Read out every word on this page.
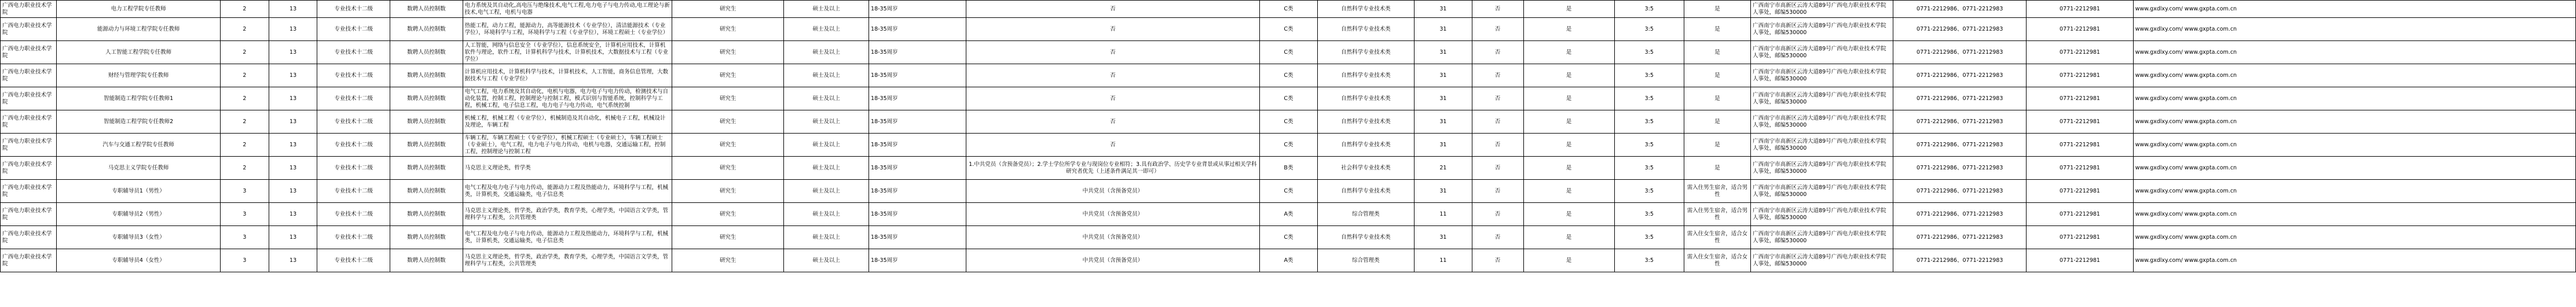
广西电力职业技术学院	电力工程学院专任教师	2	13	专业技术十二级	数聘人员控制数	电力系统及其自动化,高电压与绝缘技术,电气工程,电力电子与电力传动,电工理论与新技术,电气工程，电机与电器	研究生	硕士及以上	18-35周岁	否	C类	自然科学专业技术类	31	否	是	3:5	是	广西南宁市高新区云涛大道89号广西电力职业技术学院人事处，邮编530000	0771-2212986、0771-2212983	0771-2212981	www.gxdlxy.com/ www.gxpta.com.cn
广西电力职业技术学院	能源动力与环境工程学院专任教师	2	13	专业技术十二级	数聘人员控制数	热能工程，动力工程，能源动力，高等能源技术（专业学位），清洁能源技术（专业学位），环境科学与工程，环境科学与工程（专业学位），环境工程硕士（专业学位）	研究生	硕士及以上	18-35周岁	否	C类	自然科学专业技术类	31	否	是	3:5	是	广西南宁市高新区云涛大道89号广西电力职业技术学院人事处，邮编530000	0771-2212986、0771-2212983	0771-2212981	www.gxdlxy.com/ www.gxpta.com.cn
广西电力职业技术学院	人工智能工程学院专任教师	2	13	专业技术十二级	数聘人员控制数	人工智能，网络与信息安全（专业学位），信息系统安全，计算机应用技术，计算机软件与理论，软件工程，计算机科学与技术，计算机技术，大数据技术与工程（专业学位）	研究生	硕士及以上	18-35周岁	否	C类	自然科学专业技术类	31	否	是	3:5	是	广西南宁市高新区云涛大道89号广西电力职业技术学院人事处，邮编530000	0771-2212986、0771-2212983	0771-2212981	www.gxdlxy.com/ www.gxpta.com.cn
广西电力职业技术学院	财经与管理学院专任教师	2	13	专业技术十二级	数聘人员控制数	计算机应用技术，计算机科学与技术，计算机技术，人工智能，商务信息管理，大数据技术与工程（专业学位）	研究生	硕士及以上	18-35周岁	否	C类	自然科学专业技术类	31	否	是	3:5	是	广西南宁市高新区云涛大道89号广西电力职业技术学院人事处，邮编530000	0771-2212986、0771-2212983	0771-2212981	www.gxdlxy.com/ www.gxpta.com.cn
广西电力职业技术学院	智能制造工程学院专任教师1	2	13	专业技术十二级	数聘人员控制数	电气工程，电力系统及其自动化，电机与电器，电力电子与电力传动，检测技术与自动化装置，控制工程，控制理论与控制工程，模式识别与智能系统，控制科学与工程，机械工程，电子信息工程，电力电子与电力传动，电气系统控制	研究生	硕士及以上	18-35周岁	否	C类	自然科学专业技术类	31	否	是	3:5	是	广西南宁市高新区云涛大道89号广西电力职业技术学院人事处，邮编530000	0771-2212986、0771-2212983	0771-2212981	www.gxdlxy.com/ www.gxpta.com.cn
广西电力职业技术学院	智能制造工程学院专任教师2	2	13	专业技术十二级	数聘人员控制数	机械工程，机械工程（专业学位），机械制造及其自动化，机械电子工程，机械设计及理论，车辆工程	研究生	硕士及以上	18-35周岁	否	C类	自然科学专业技术类	31	否	是	3:5	是	广西南宁市高新区云涛大道89号广西电力职业技术学院人事处，邮编530000	0771-2212986、0771-2212983	0771-2212981	www.gxdlxy.com/ www.gxpta.com.cn
广西电力职业技术学院	汽车与交通工程学院专任教师	2	13	专业技术十二级	数聘人员控制数	车辆工程，车辆工程硕士（专业学位），机械工程硕士（专业硕士），车辆工程硕士（专业硕士），电气工程，电力电子与电力传动，电机与电器，交通运输工程，控制工程，控制理论与控制工程	研究生	硕士及以上	18-35周岁	否	C类	自然科学专业技术类	31	否	是	3:5	是	广西南宁市高新区云涛大道89号广西电力职业技术学院人事处，邮编530000	0771-2212986、0771-2212983	0771-2212981	www.gxdlxy.com/ www.gxpta.com.cn
广西电力职业技术学院	马克思主义学院专任教师	2	13	专业技术十二级	数聘人员控制数	马克思主义理论类，哲学类	研究生	硕士及以上	18-35周岁	1.中共党员（含预备党员）；2.学士学位所学专业与现岗位专业相符；3.具有政治学、历史学专业背景或从事过相关学科研究者优先（上述条件满足其一即可）	B类	社会科学专业技术类	21	否	是	3:5	是	广西南宁市高新区云涛大道89号广西电力职业技术学院人事处，邮编530000	0771-2212986、0771-2212983	0771-2212981	www.gxdlxy.com/ www.gxpta.com.cn
广西电力职业技术学院	专职辅导员1（男性）	3	13	专业技术十二级	数聘人员控制数	电气工程及电力电子与电力传动，能源动力工程及热能动力，环境科学与工程，机械类，计算机类，交通运输类，电子信息类	研究生	硕士及以上	18-35周岁	中共党员（含预备党员）	C类	自然科学专业技术类	31	否	是	3:5	需入住男生宿舍，适合男性	广西南宁市高新区云涛大道89号广西电力职业技术学院人事处，邮编530000	0771-2212986、0771-2212983	0771-2212981	www.gxdlxy.com/ www.gxpta.com.cn
广西电力职业技术学院	专职辅导员2（男性）	3	13	专业技术十二级	数聘人员控制数	马克思主义理论类，哲学类，政治学类，教育学类，心理学类，中国语言文学类，管理科学与工程类，公共管理类	研究生	硕士及以上	18-35周岁	中共党员（含预备党员）	A类	综合管理类	11	否	是	3:5	需入住男生宿舍，适合男性	广西南宁市高新区云涛大道89号广西电力职业技术学院人事处，邮编530000	0771-2212986、0771-2212983	0771-2212981	www.gxdlxy.com/ www.gxpta.com.cn
广西电力职业技术学院	专职辅导员3（女性）	3	13	专业技术十二级	数聘人员控制数	电气工程及电力电子与电力传动，能源动力工程及热能动力，环境科学与工程，机械类，计算机类，交通运输类，电子信息类	研究生	硕士及以上	18-35周岁	中共党员（含预备党员）	C类	自然科学专业技术类	31	否	是	3:5	需入住女生宿舍，适合女性	广西南宁市高新区云涛大道89号广西电力职业技术学院人事处，邮编530000	0771-2212986、0771-2212983	0771-2212981	www.gxdlxy.com/ www.gxpta.com.cn
广西电力职业技术学院	专职辅导员4（女性）	3	13	专业技术十二级	数聘人员控制数	马克思主义理论类，哲学类，政治学类，教育学类，心理学类，中国语言文学类，管理科学与工程类，公共管理类	研究生	硕士及以上	18-35周岁	中共党员（含预备党员）	A类	综合管理类	11	否	是	3:5	需入住女生宿舍，适合女性	广西南宁市高新区云涛大道89号广西电力职业技术学院人事处，邮编530000	0771-2212986、0771-2212983	0771-2212981	www.gxdlxy.com/ www.gxpta.com.cn
